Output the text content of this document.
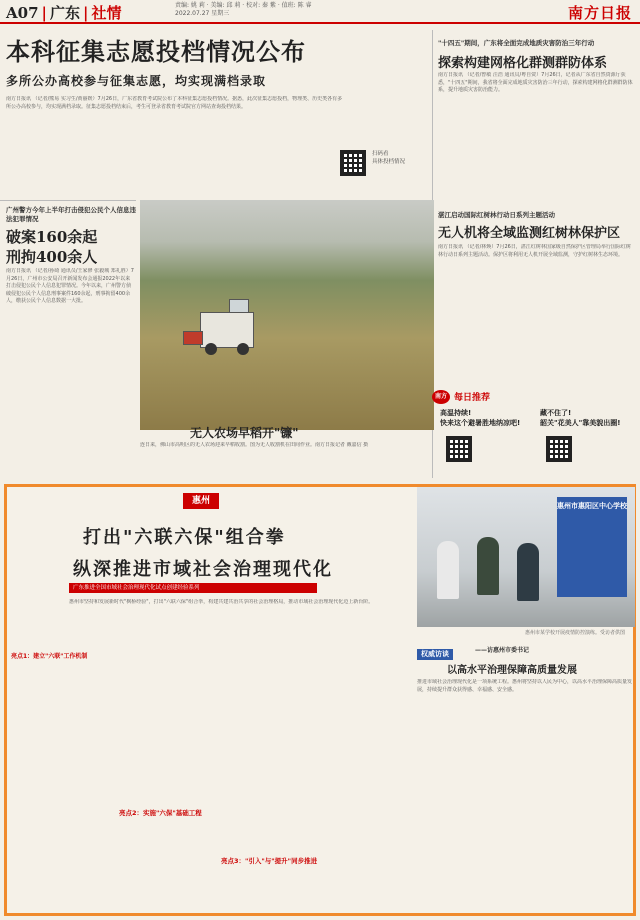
A07 | 广东 | 社情	责编: 姚 莉 · 美编: 邱 莉 · 校对: 秦 紫 · 值班: 陈 睿
2022.07.27 星期三	南方日报
本科征集志愿投档情况公布
多所公办高校参与征集志愿，均实现满档录取
南方日报讯 （记者/熊易 实习生/黄丽媛）7月26日，广东省教育考试院公布了本科征集志愿投档情况。据悉，此次征集志愿投档，物理类、历史类各有多所公办高校参与，均实现满档录取。征集志愿投档结束后，考生可登录省教育考试院官方网站查询投档结果。
扫码看
具体投档情况
"十四五"期间，广东将全面完成地质灾害防治三年行动
探索构建网格化群测群防体系
南方日报讯 （记者/曾敏 汪浩 通讯员/粤自资）7月26日，记者从广东省自然资源厅获悉，"十四五"期间，我省将全面完成地质灾害防治三年行动，探索构建网格化群测群防体系，提升地质灾害防治能力。
湛江启动国际红树林行动日系列主题活动
无人机将全域监测红树林保护区
南方日报讯 （记者/林焕）7月26日，湛江红树林国家级自然保护区管理局举行国际红树林行动日系列主题活动。保护区将利用无人机开展全域监测，守护红树林生态环境。
广州警方今年上半年打击侵犯公民个人信息违法犯罪情况
破案160余起
刑拘400余人
南方日报讯 （记者/孙绮 通讯员/王家修 张毅城 郑礼胜）7月26日，广州市公安局召开新闻发布会通报2022年以来打击侵犯公民个人信息犯罪情况。今年以来，广州警方侦破侵犯公民个人信息刑事案件160余起，刑事拘留400余人，缴获公民个人信息数据一大批。
无人农场早稻开"镰"
连日来，佛山市高明区的无人农场迎来早稻收割。图为无人收割机在田间作业。南方日报记者 戴嘉信 摄
南方 每日推荐
高温持续!
快来这个避暑胜地纳凉吧!
藏不住了!
韶关"花美人"靠美貌出圈!
惠州
打出"六联六保"组合拳
纵深推进市域社会治理现代化
广东推进全国市域社会治理现代化试点创建经验系列
惠州市坚持和发展新时代"枫桥经验"，打出"六联六保"组合拳，构建共建共治共享的社会治理格局，推动市域社会治理现代化迈上新台阶。
惠州市惠阳区中心学校
惠州市某学校开展疫情防控演练。受访者供图
亮点1：建立"六联"工作机制
亮点2：实施"六保"基础工程
亮点3："引入"与"提升"同步推进
权威访谈
以高水平治理保障高质量发展
——访惠州市委书记
推进市域社会治理现代化是一项系统工程。惠州将坚持以人民为中心，以高水平治理保障高质量发展，持续提升群众获得感、幸福感、安全感。
